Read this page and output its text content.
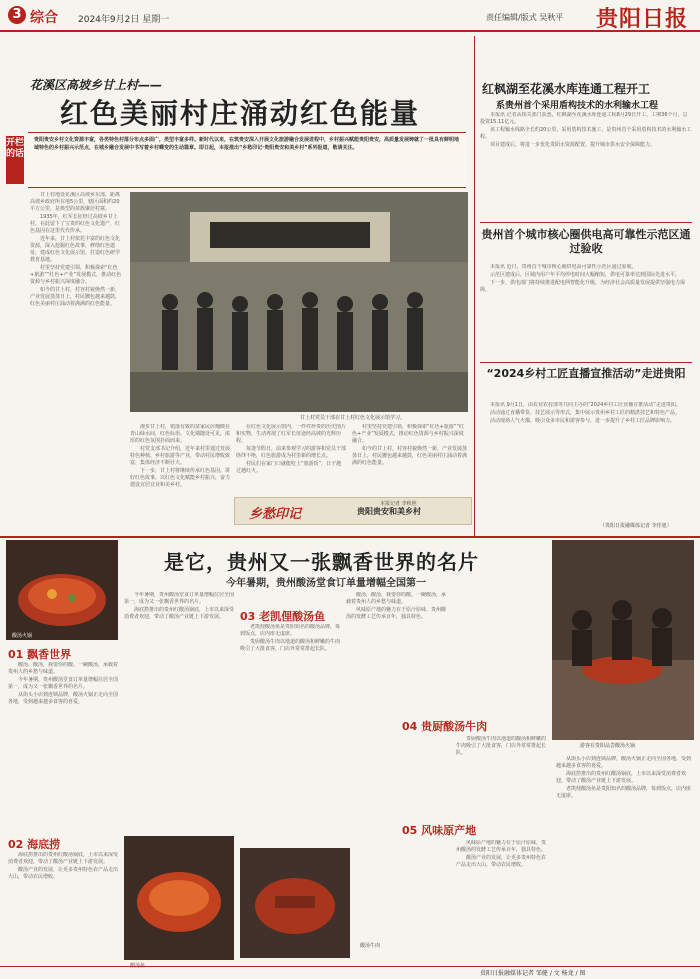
3 综合 2024年9月2日 星期一	责任编辑/版式 吴秋平 贵阳日报
花溪区高坡乡甘上村——
红色美丽村庄涌动红色能量
开栏的话
贵阳贵安乡村文化资源丰富，各类特色村落分布点多面广，类型丰富多样。新时代以来，在筑贵安深入开展文化旅游融合发展进程中，乡村振兴赋能贵阳贵安，高质量发展铸就了一批具有鲜明地域特色的乡村振兴示范点，在城乡融合发展中书写着乡村蝶变的生动篇章。即日起，本报推出“乡愁印记·贵阳贵安和美乡村”系列报道，敬请关注。

甘上村地处花溪区高坡乡东部，距离高坡乡政府所在地5公里，辖区面积约20平方公里，是典型的苗族聚居村寨。

1935年，红军长征经过高坡乡甘上村，在此留下了宝贵的红色文化遗产，红色基因在这里代代传承。

近年来，甘上村依托丰富的红色文化资源，深入挖掘红色故事，修缮红色遗址，建成红色文化展示馆，打造红色研学教育基地。

村里坚持党建引领，积极探索“红色+旅游”“红色+产业”发展模式，推动红色资源与乡村振兴深度融合。

如今的甘上村，村容村貌焕然一新，产业发展蒸蒸日上，村民腰包越来越鼓，红色美丽村庄涌动着满满的红色能量。

甘上村党员干部在甘上村红色文化展示馆学习。

漫步甘上村，错落有致的苗家民居掩映在青山绿水间，红色标语、文化墙随处可见，浓厚的红色氛围扑面而来。

村党支部书记介绍，近年来村里通过发展特色种植、乡村旅游等产业，带动村民增收致富，集体经济不断壮大。

下一步，甘上村将继续传承红色基因，讲好红色故事，以红色文化赋能乡村振兴，奋力建设宜居宜业和美乡村。

在红色文化展示馆内，一件件珍贵的历史图片和实物，生动再现了红军长征途经高坡的光辉历程。

每逢节假日，前来参观学习的游客和党员干部络绎不绝，红色旅游成为村里新的增长点。

村民们在家门口就能吃上“旅游饭”，日子越过越红火。

村里坚持党建引领，积极探索“红色+旅游”“红色+产业”发展模式，推动红色资源与乡村振兴深度融合。

如今的甘上村，村容村貌焕然一新，产业发展蒸蒸日上，村民腰包越来越鼓，红色美丽村庄涌动着满满的红色能量。

乡愁印记	贵阳贵安和美乡村
本报记者 李秋艳
红枫湖至花溪水库连通工程开工
系贵州首个采用盾构技术的水利输水工程

本报讯 记者从相关部门获悉，红枫湖至花溪水库连通工程8月29日开工，工期36个月，总投资15.11亿元。

该工程输水线路全长约20公里，采用盾构技术施工，是贵州首个采用盾构技术的水利输水工程。

项目建成后，将进一步优化贵阳水资源配置，提升城市供水安全保障能力。

贵州首个城市核心圈供电高可靠性示范区通过验收

本报讯 近日，贵州首个城市核心圈供电高可靠性示范区通过验收。

示范区建成后，区域内用户年平均停电时间大幅缩短，供电可靠率达到国际先进水平。

下一步，供电部门将持续推进配电网智能化升级，为经济社会高质量发展提供坚强电力保障。

“2024乡村工匠直播宣推活动”走进贵阳

本报讯 9月1日，由农业农村部等共同主办的“2024乡村工匠直播宣推活动”走进贵阳。

活动通过直播带货、技艺展示等形式，集中展示贵州乡村工匠的精湛技艺和特色产品。

活动现场人气火爆，吸引众多市民和游客参与，进一步提升了乡村工匠品牌影响力。

（贵阳日报融媒体记者 李佳旭）
酸汤火锅
是它，贵州又一张飘香世界的名片
今年暑期，贵州酸汤堂食订单量增幅全国第一
游客在贵阳品尝酸汤火锅
01 飘香世界

酸汤，酸汤，我要你的酸。一碗酸汤，承载着贵州人的乡愁与味道。

今年暑期，贵州酸汤堂食订单量增幅位居全国第一，成为又一张飘香世界的名片。

从街头小店到连锁品牌，酸汤火锅正走向全国各地，受到越来越多食客的喜爱。

02 海底捞

海底捞推出的贵州红酸汤锅底，上市以来深受消费者欢迎，带动了酸汤产业链上下游发展。

酸汤产业的发展，让更多贵州特色农产品走出大山，带动农民增收。

今年暑期，贵州酸汤堂食订单量增幅位居全国第一，成为又一张飘香世界的名片。

海底捞推出的贵州红酸汤锅底，上市以来深受消费者欢迎，带动了酸汤产业链上下游发展。

酸汤鱼
03 老凯俚酸汤鱼

老凯俚酸汤鱼是贵阳知名的酸汤品牌，每到饭点，店内座无虚席。

贵厨酸汤牛肉以地道的酸汤和鲜嫩的牛肉吸引了大批食客，门店外常常排起长队。

酸汤牛肉

酸汤，酸汤，我要你的酸。一碗酸汤，承载着贵州人的乡愁与味道。

风味原产地的魅力在于原汁原味，贵州酸汤的发酵工艺传承百年，独具特色。

04 贵厨酸汤牛肉

贵厨酸汤牛肉以地道的酸汤和鲜嫩的牛肉吸引了大批食客，门店外常常排起长队。

05 风味原产地

风味原产地的魅力在于原汁原味，贵州酸汤的发酵工艺传承百年，独具特色。

酸汤产业的发展，让更多贵州特色农产品走出大山，带动农民增收。

从街头小店到连锁品牌，酸汤火锅正走向全国各地，受到越来越多食客的喜爱。

海底捞推出的贵州红酸汤锅底，上市以来深受消费者欢迎，带动了酸汤产业链上下游发展。

老凯俚酸汤鱼是贵阳知名的酸汤品牌，每到饭点，店内座无虚席。

贵阳日报融媒体记者 邹健 / 文 杨龙 / 图
